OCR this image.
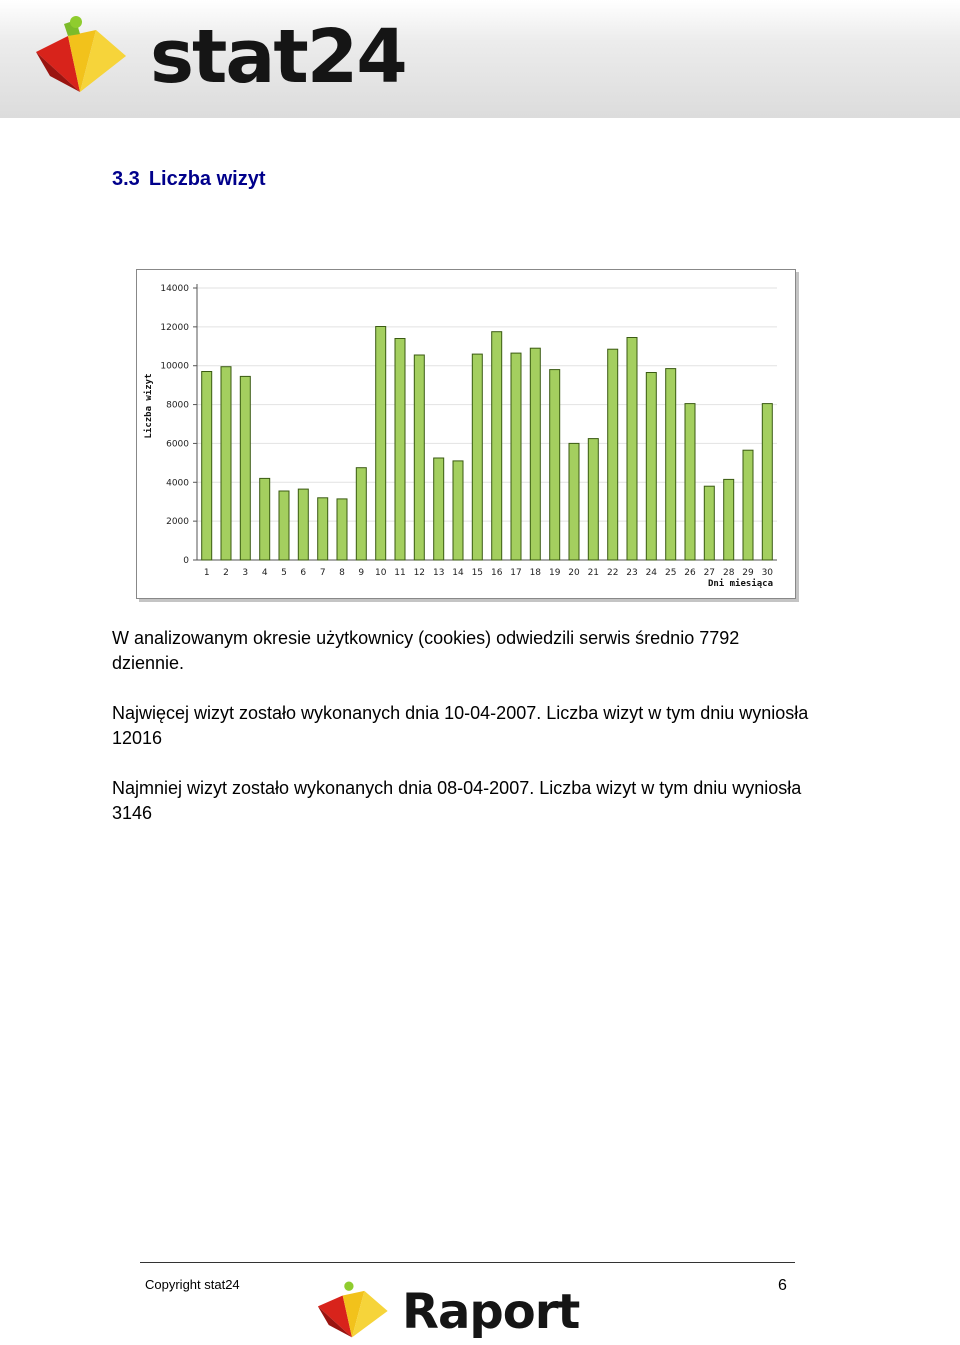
stat24
3.3 Liczba wizyt
0
2000
4000
6000
8000
10000
12000
14000
1 2 3 4 5 6 7 8 9 10 11 12 13 14 15 16 17 18 19 20 21 22 23 24 25 26 27 28 29 30
Dni miesiąca
Liczba wizyt
W analizowanym okresie użytkownicy (cookies) odwiedzili serwis średnio 7792 dziennie.
Najwięcej wizyt zostało wykonanych dnia 10-04-2007. Liczba wizyt w tym dniu wyniosła 12016
Najmniej wizyt zostało wykonanych dnia 08-04-2007. Liczba wizyt w tym dniu wyniosła 3146
Copyright stat24	Raport	6
